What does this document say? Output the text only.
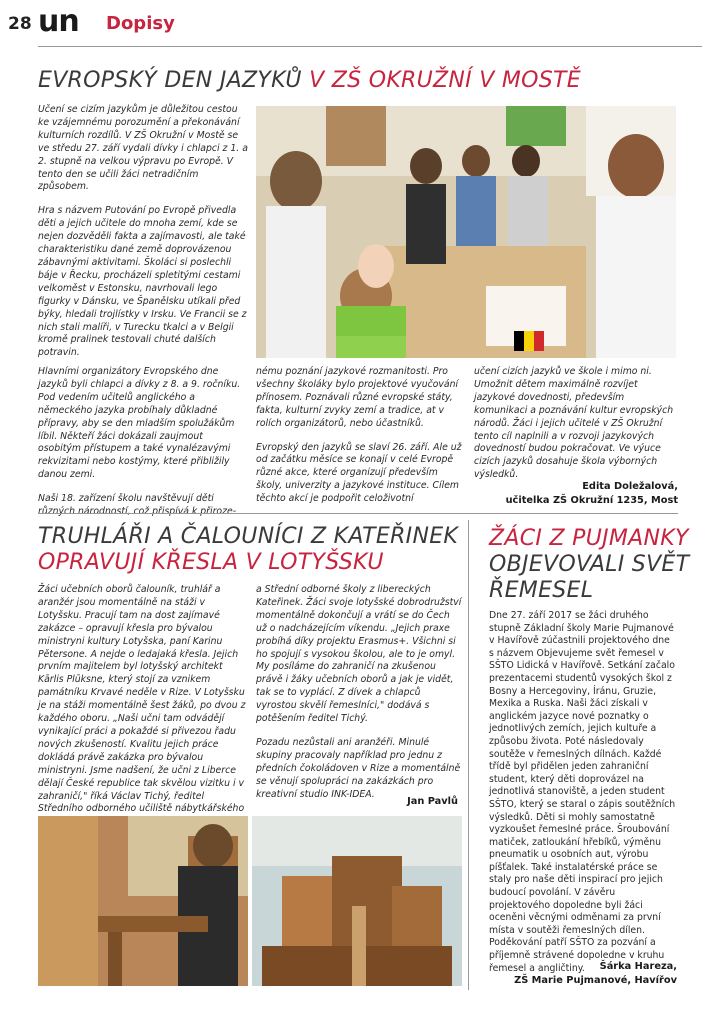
28 un Dopisy
EVROPSKÝ DEN JAZYKŮ V ZŠ OKRUŽNÍ V MOSTĚ

Učení se cizím jazykům je důležitou cestou ke vzájemnému porozumění a překonávání kulturních rozdílů. V ZŠ Okružní v Mostě se ve středu 27. září vydali dívky i chlapci z 1. a 2. stupně na velkou výpravu po Evropě. V tento den se učili žáci netradičním způsobem.

Hra s názvem Putování po Evropě přivedla děti a jejich učitele do mnoha zemí, kde se nejen dozvěděli fakta a zajímavosti, ale také charakteristiku dané země doprovázenou zábavnými aktivitami. Školáci si poslechli báje v Řecku, procházeli spletitými cestami velkoměst v Estonsku, navrhovali lego figurky v Dánsku, ve Španělsku utíkali před býky, hledali trojlístky v Irsku. Ve Francii se z nich stali malíři, v Turecku tkalci a v Belgii kromě pralinek testovali chuté dalších potravin.

Hlavními organizátory Evropského dne jazyků byli chlapci a dívky z 8. a 9. ročníku. Pod vedením učitelů anglického a německého jazyka probíhaly důkladné přípravy, aby se den mladším spolužákům líbil. Někteří žáci dokázali zaujmout osobitým přístupem a také vynalézavými rekvizitami nebo kostýmy, které přibližily danou zemi.

Naši 18. zařízení školu navštěvují děti různých národností, což přispívá k přiroze-

nému poznání jazykové rozmanitosti. Pro všechny školáky bylo projektové vyučování přínosem. Poznávali různé evropské státy, fakta, kulturní zvyky zemí a tradice, at v rolích organizátorů, nebo účastníků.

Evropský den jazyků se slaví 26. září. Ale už od začátku měsíce se konají v celé Evropě různé akce, které organizují především školy, univerzity a jazykové instituce. Cílem těchto akcí je podpořit celoživotní

učení cizích jazyků ve škole i mimo ni. Umožnit dětem maximálně rozvíjet jazykové dovednosti, především komunikaci a poznávání kultur evropských národů. Žáci i jejich učitelé v ZŠ Okružní tento cíl naplnili a v rozvoji jazykových dovedností budou pokračovat. Ve výuce cizích jazyků dosahuje škola výborných výsledků.

Edita Doležalová,
učitelka ZŠ Okružní 1235, Most
TRUHLÁŘI A ČALOUNÍCI Z KATEŘINEK
OPRAVUJÍ KŘESLA V LOTYŠSKU

Žáci učebních oborů čalouník, truhlář a aranžér jsou momentálně na stáži v Lotyšsku. Pracují tam na dost zajímavé zakázce – opravují křesla pro bývalou ministryni kultury Lotyšska, paní Karinu Pětersone. A nejde o ledajaká křesla. Jejich prvním majitelem byl lotyšský architekt Kārlis Plūksne, který stojí za vznikem památníku Krvavé neděle v Rize. V Lotyšsku je na stáži momentálně šest žáků, po dvou z každého oboru. „Naši učni tam odvádějí vynikající práci a pokaždé si přivezou řadu nových zkušeností. Kvalitu jejich práce dokládá právě zakázka pro bývalou ministryni. Jsme nadšení, že učni z Liberce dělají České republice tak skvělou vizitku i v zahraničí," říká Václav Tichý, ředitel Středního odborného učiliště nábytkářského

a Střední odborné školy z libereckých Kateřinek. Žáci svoje lotyšské dobrodružství momentálně dokončují a vrátí se do Čech už o nadcházejícím víkendu. „Jejich praxe probíhá díky projektu Erasmus+. Všichni si ho spojují s vysokou školou, ale to je omyl. My posíláme do zahraničí na zkušenou právě i žáky učebních oborů a jak je vidět, tak se to vyplácí. Z dívek a chlapců vyrostou skvělí řemeslníci," dodává s potěšením ředitel Tichý.

Pozadu nezůstali ani aranžéři. Minulé skupiny pracovaly například pro jednu z předních čokoládoven v Rize a momentálně se věnují spolupráci na zakázkách pro kreativní studio INK-IDEA.

Jan Pavlů
ŽÁCI Z PUJMANKY
OBJEVOVALI SVĚT
ŘEMESEL

Dne 27. září 2017 se žáci druhého stupně Základní školy Marie Pujmanové v Havířově zúčastnili projektového dne s názvem Objevujeme svět řemesel v SŠTO Lidická v Havířově. Setkání začalo prezentacemi studentů vysokých škol z Bosny a Hercegoviny, Íránu, Gruzie, Mexika a Ruska. Naši žáci získali v anglickém jazyce nové poznatky o jednotlivých zemích, jejich kultuře a způsobu života. Poté následovaly soutěže v řemeslných dílnách. Každé třídě byl přidělen jeden zahraniční student, který děti doprovázel na jednotlivá stanoviště, a jeden student SŠTO, který se staral o zápis soutěžních výsledků. Děti si mohly samostatně vyzkoušet řemeslné práce. Šroubování matiček, zatloukání hřebíků, výměnu pneumatik u osobních aut, výrobu píšťalek. Také instalatérské práce se staly pro naše děti inspirací pro jejich budoucí povolání. V závěru projektového dopoledne byli žáci oceněni věcnými odměnami za první místa v soutěži řemeslných dílen. Poděkování patří SŠTO za pozvání a příjemně strávené dopoledne v kruhu řemesel a angličtiny.	Šárka Hareza,
ZŠ Marie Pujmanové, Havířov
